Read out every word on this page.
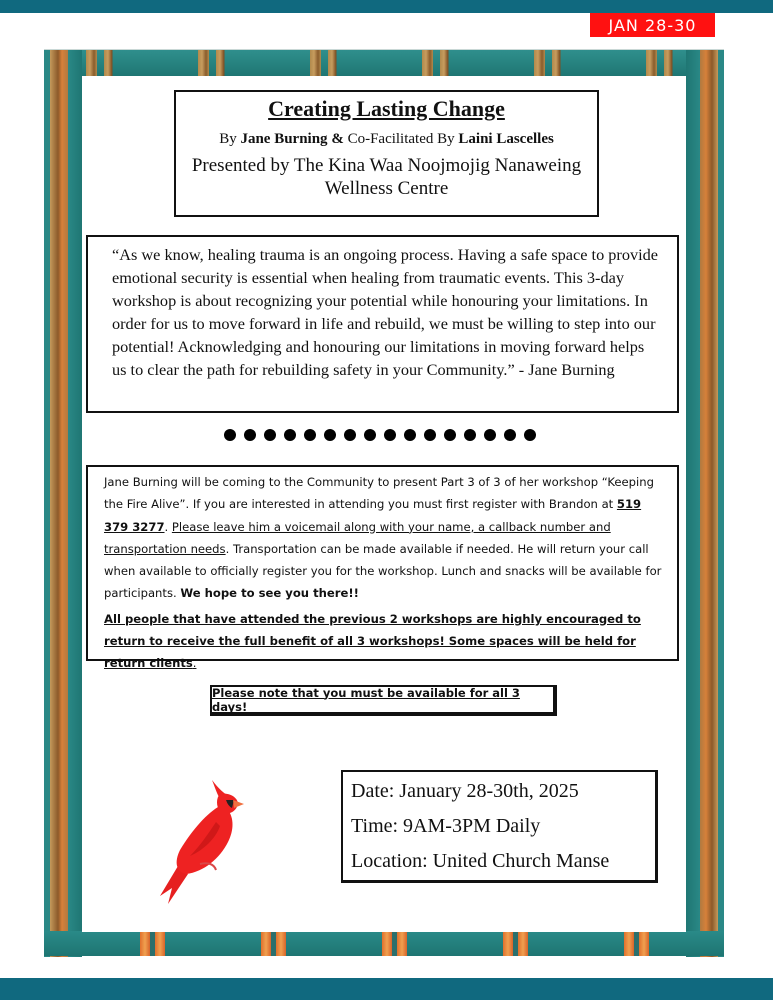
JAN 28-30
Creating Lasting Change
By Jane Burning & Co-Facilitated By Laini Lascelles
Presented by The Kina Waa Noojmojig Nanaweing
Wellness Centre
“As we know, healing trauma is an ongoing process. Having a safe space to provide emotional security is essential when healing from traumatic events. This 3-day workshop is about recognizing your potential while honouring your limitations. In order for us to move forward in life and rebuild, we must be willing to step into our potential! Acknowledging and honouring our limitations in moving forward helps us to clear the path for rebuilding safety in your Community.” - Jane Burning

Jane Burning will be coming to the Community to present Part 3 of 3 of her workshop “Keeping the Fire Alive”. If you are interested in attending you must first register with Brandon at 519 379 3277. Please leave him a voicemail along with your name, a callback number and transportation needs. Transportation can be made available if needed. He will return your call when available to officially register you for the workshop. Lunch and snacks will be available for participants. We hope to see you there!!

All people that have attended the previous 2 workshops are highly encouraged to return to receive the full benefit of all 3 workshops! Some spaces will be held for return clients.

Please note that you must be available for all 3 days!
Date: January 28-30th, 2025
Time: 9AM-3PM Daily
Location: United Church Manse
